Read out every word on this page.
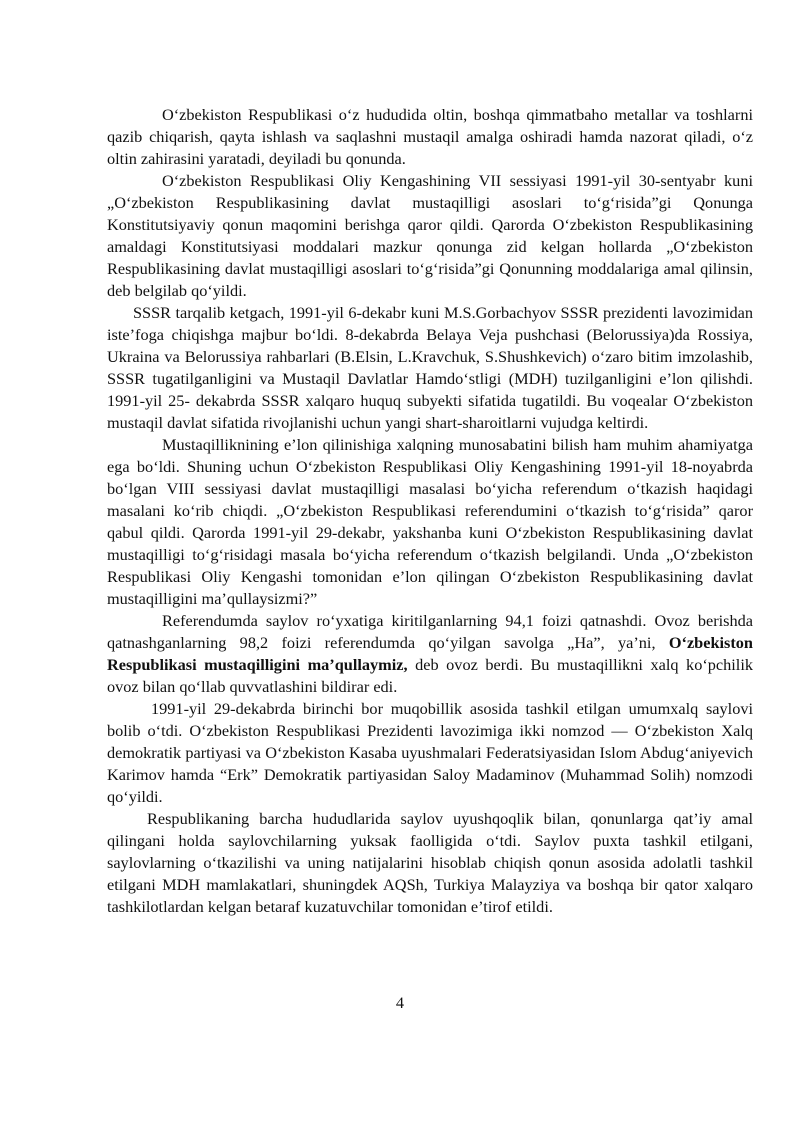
O‘zbekiston Respublikasi o‘z hududida oltin, boshqa qimmatbaho metallar va toshlarni qazib chiqarish, qayta ishlash va saqlashni mustaqil amalga oshiradi hamda nazorat qiladi, o‘z oltin zahirasini yaratadi, deyiladi bu qonunda.

O‘zbekiston Respublikasi Oliy Kengashining VII sessiyasi 1991-yil 30-sentyabr kuni „O‘zbekiston Respublikasining davlat mustaqilligi asoslari to‘g‘risida”gi Qonunga Konstitutsiyaviy qonun maqomini berishga qaror qildi. Qarorda O‘zbekiston Respublikasining amaldagi Konstitutsiyasi moddalari mazkur qonunga zid kelgan hollarda „O‘zbekiston Respublikasining davlat mustaqilligi asoslari to‘g‘risida”gi Qonunning moddalariga amal qilinsin, deb belgilab qo‘yildi.

SSSR tarqalib ketgach, 1991-yil 6-dekabr kuni M.S.Gorbachyov SSSR prezidenti lavozimidan iste’foga chiqishga majbur bo‘ldi. 8-dekabrda Belaya Veja pushchasi (Belorussiya)da Rossiya, Ukraina va Belorussiya rahbarlari (B.Elsin, L.Kravchuk, S.Shushkevich) o‘zaro bitim imzolashib, SSSR tugatilganligini va Mustaqil Davlatlar Hamdo‘stligi (MDH) tuzilganligini e’lon qilishdi. 1991-yil 25- dekabrda SSSR xalqaro huquq subyekti sifatida tugatildi. Bu voqealar O‘zbekiston mustaqil davlat sifatida rivojlanishi uchun yangi shart-sharoitlarni vujudga keltirdi.

Mustaqilliknining e’lon qilinishiga xalqning munosabatini bilish ham muhim ahamiyatga ega bo‘ldi. Shuning uchun O‘zbekiston Respublikasi Oliy Kengashining 1991-yil 18-noyabrda bo‘lgan VIII sessiyasi davlat mustaqilligi masalasi bo‘yicha referendum o‘tkazish haqidagi masalani ko‘rib chiqdi. „O‘zbekiston Respublikasi referendumini o‘tkazish to‘g‘risida” qaror qabul qildi. Qarorda 1991-yil 29-dekabr, yakshanba kuni O‘zbekiston Respublikasining davlat mustaqilligi to‘g‘risidagi masala bo‘yicha referendum o‘tkazish belgilandi. Unda „O‘zbekiston Respublikasi Oliy Kengashi tomonidan e’lon qilingan O‘zbekiston Respublikasining davlat mustaqilligini ma’qullaysizmi?”

Referendumda saylov ro‘yxatiga kiritilganlarning 94,1 foizi qatnashdi. Ovoz berishda qatnashganlarning 98,2 foizi referendumda qo‘yilgan savolga „Ha”, ya’ni, O‘zbekiston Respublikasi mustaqilligini ma’qullaymiz, deb ovoz berdi. Bu mustaqillikni xalq ko‘pchilik ovoz bilan qo‘llab quvvatlashini bildirar edi.

1991-yil 29-dekabrda birinchi bor muqobillik asosida tashkil etilgan umumxalq saylovi bolib o‘tdi. O‘zbekiston Respublikasi Prezidenti lavozimiga ikki nomzod — O‘zbekiston Xalq demokratik partiyasi va O‘zbekiston Kasaba uyushmalari Federatsiyasidan Islom Abdug‘aniyevich Karimov hamda “Erk” Demokratik partiyasidan Saloy Madaminov (Muhammad Solih) nomzodi qo‘yildi.

Respublikaning barcha hududlarida saylov uyushqoqlik bilan, qonunlarga qat’iy amal qilingani holda saylovchilarning yuksak faolligida o‘tdi. Saylov puxta tashkil etilgani, saylovlarning o‘tkazilishi va uning natijalarini hisoblab chiqish qonun asosida adolatli tashkil etilgani MDH mamlakatlari, shuningdek AQSh, Turkiya Malayziya va boshqa bir qator xalqaro tashkilotlardan kelgan betaraf kuzatuvchilar tomonidan e’tirof etildi.

4
